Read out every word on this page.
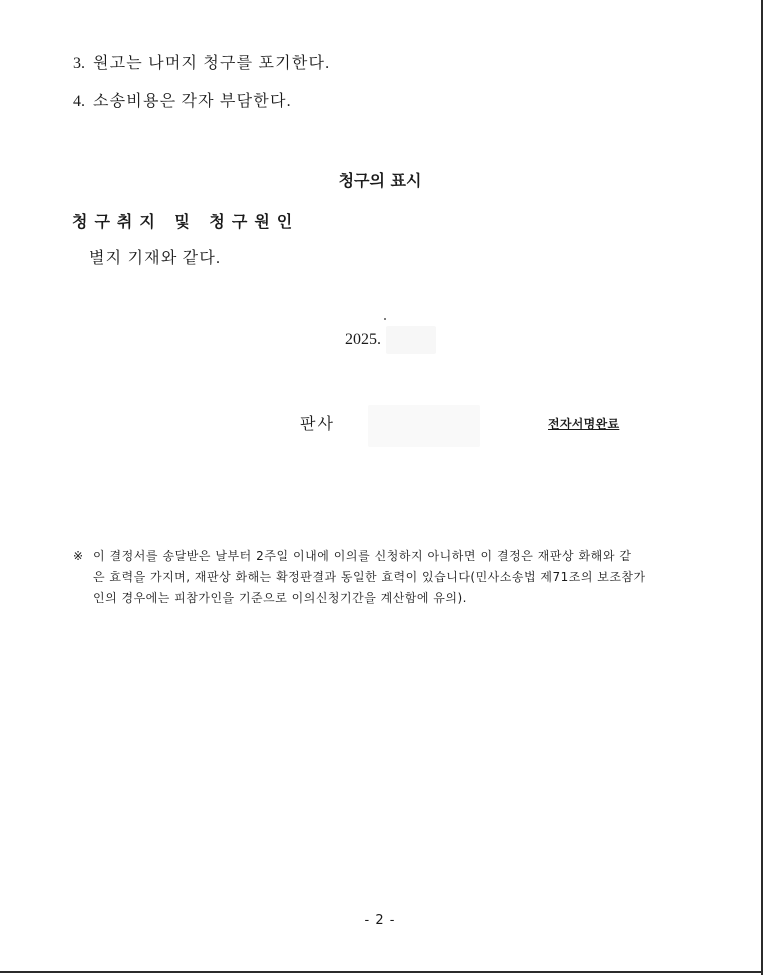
3. 원고는 나머지 청구를 포기한다.
4. 소송비용은 각자 부담한다.
청구의 표시
청구취지 및 청구원인
별지 기재와 같다.
2025.
판사	전자서명완료
※ 이 결정서를 송달받은 날부터 2주일 이내에 이의를 신청하지 아니하면 이 결정은 재판상 화해와 같
은 효력을 가지며, 재판상 화해는 확정판결과 동일한 효력이 있습니다(민사소송법 제71조의 보조참가
인의 경우에는 피참가인을 기준으로 이의신청기간을 계산함에 유의).
- 2 -
